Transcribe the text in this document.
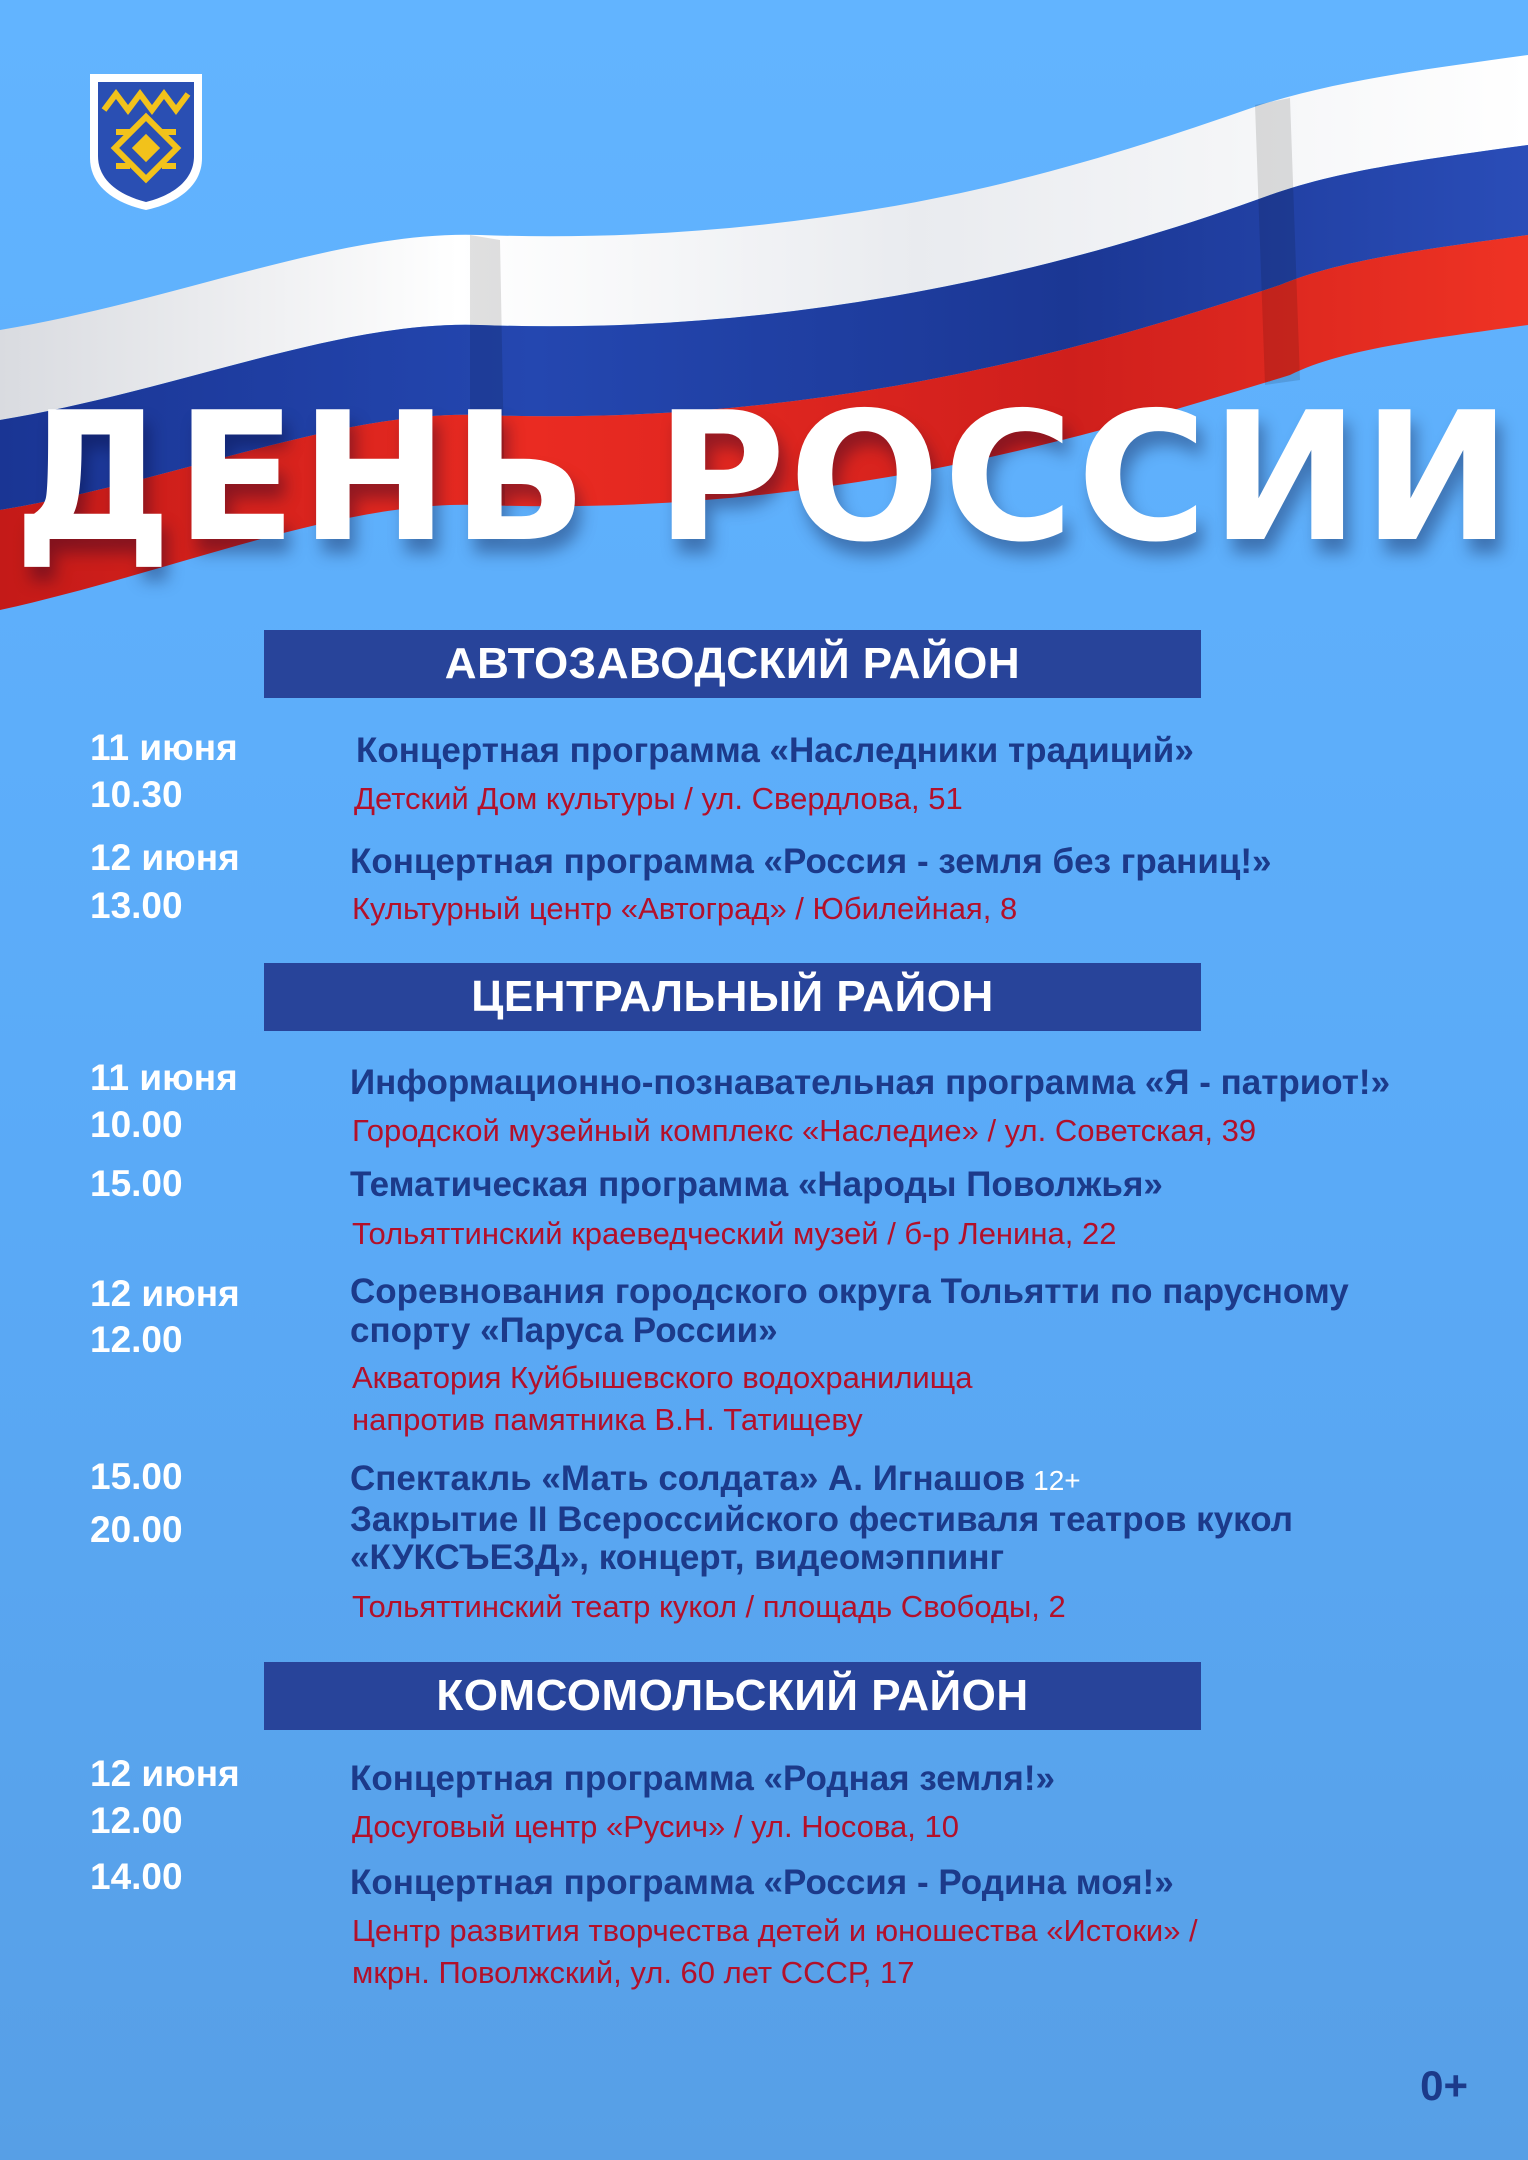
ДЕНЬ РОССИИ
АВТОЗАВОДСКИЙ РАЙОН
11 июня
10.30
Концертная программа «Наследники традиций»
Детский Дом культуры / ул. Свердлова, 51
12 июня
13.00
Концертная программа «Россия - земля без границ!»
Культурный центр «Автоград» / Юбилейная, 8
ЦЕНТРАЛЬНЫЙ РАЙОН
11 июня
10.00
Информационно-познавательная программа «Я - патриот!»
Городской музейный комплекс «Наследие» / ул. Советская, 39
15.00	Тематическая программа «Народы Поволжья»
Тольяттинский краеведческий музей / б-р Ленина, 22
12 июня
12.00
Соревнования городского округа Тольятти по парусному
спорту «Паруса России»
Акватория Куйбышевского водохранилища
напротив памятника В.Н. Татищеву
15.00
20.00
Спектакль «Мать солдата» А. Игнашов 12+
Закрытие II Всероссийского фестиваля театров кукол
«КУКСЪЕЗД», концерт, видеомэппинг
Тольяттинский театр кукол / площадь Свободы, 2
КОМСОМОЛЬСКИЙ РАЙОН
12 июня
12.00
Концертная программа «Родная земля!»
Досуговый центр «Русич» / ул. Носова, 10
14.00	Концертная программа «Россия - Родина моя!»
Центр развития творчества детей и юношества «Истоки» /
мкрн. Поволжский, ул. 60 лет СССР, 17
0+
